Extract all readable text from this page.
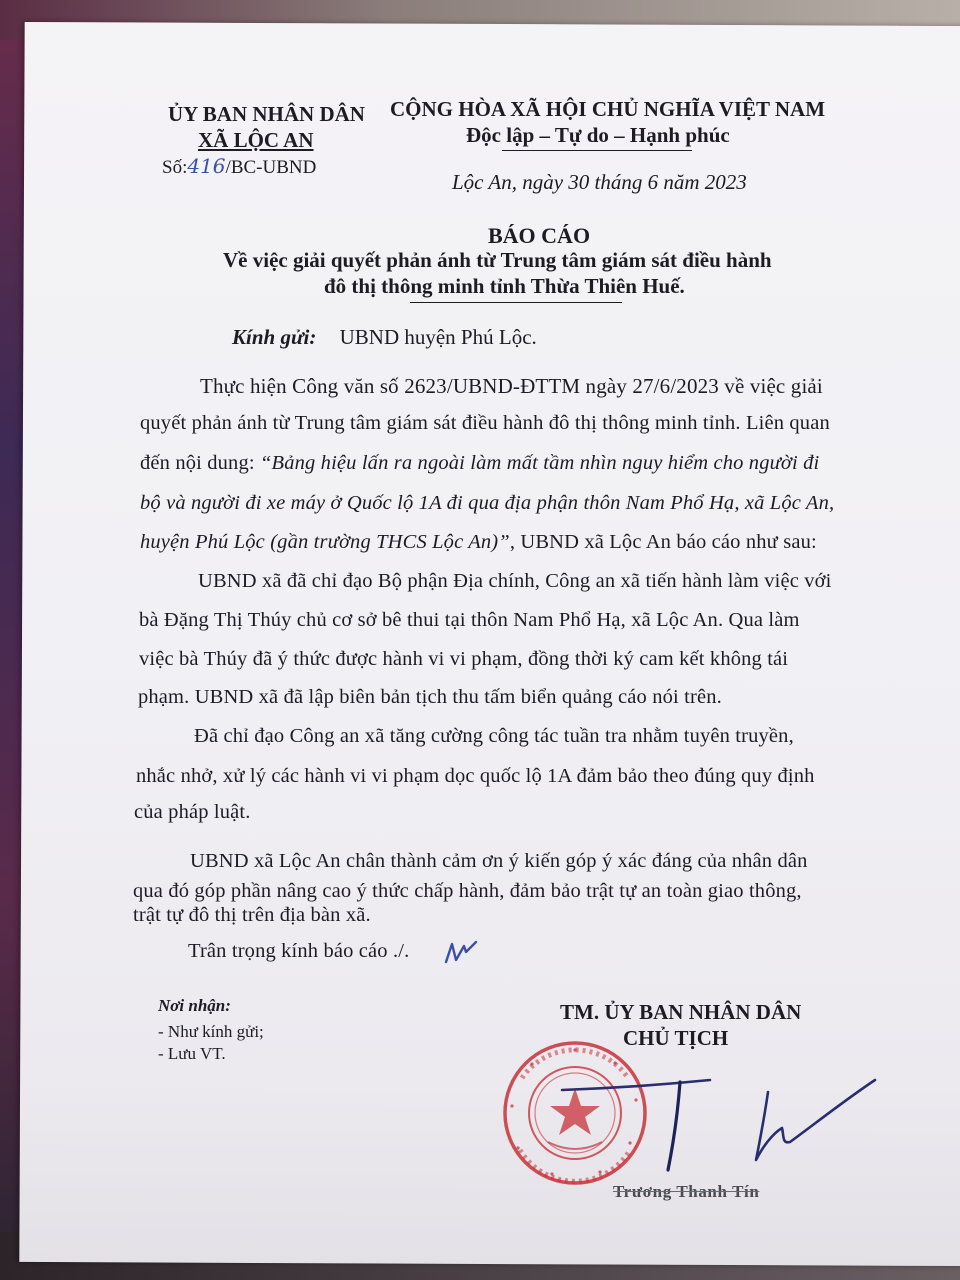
ỦY BAN NHÂN DÂN
XÃ LỘC AN
Số:416/BC-UBND
CỘNG HÒA XÃ HỘI CHỦ NGHĨA VIỆT NAM
Độc lập – Tự do – Hạnh phúc
Lộc An, ngày 30 tháng 6 năm 2023
BÁO CÁO
Về việc giải quyết phản ánh từ Trung tâm giám sát điều hành
đô thị thông minh tỉnh Thừa Thiên Huế.
Kính gửi: UBND huyện Phú Lộc.
Thực hiện Công văn số 2623/UBND-ĐTTM ngày 27/6/2023 về việc giải
quyết phản ánh từ Trung tâm giám sát điều hành đô thị thông minh tỉnh. Liên quan
đến nội dung: “Bảng hiệu lấn ra ngoài làm mất tầm nhìn nguy hiểm cho người đi
bộ và người đi xe máy ở Quốc lộ 1A đi qua địa phận thôn Nam Phổ Hạ, xã Lộc An,
huyện Phú Lộc (gần trường THCS Lộc An)”, UBND xã Lộc An báo cáo như sau:
UBND xã đã chỉ đạo Bộ phận Địa chính, Công an xã tiến hành làm việc với
bà Đặng Thị Thúy chủ cơ sở bê thui tại thôn Nam Phổ Hạ, xã Lộc An. Qua làm
việc bà Thúy đã ý thức được hành vi vi phạm, đồng thời ký cam kết không tái
phạm. UBND xã đã lập biên bản tịch thu tấm biển quảng cáo nói trên.
Đã chỉ đạo Công an xã tăng cường công tác tuần tra nhằm tuyên truyền,
nhắc nhở, xử lý các hành vi vi phạm dọc quốc lộ 1A đảm bảo theo đúng quy định
của pháp luật.
UBND xã Lộc An chân thành cảm ơn ý kiến góp ý xác đáng của nhân dân
qua đó góp phần nâng cao ý thức chấp hành, đảm bảo trật tự an toàn giao thông,
trật tự đô thị trên địa bàn xã.
Trân trọng kính báo cáo ./.
Nơi nhận:
- Như kính gửi;
- Lưu VT.
TM. ỦY BAN NHÂN DÂN
CHỦ TỊCH
Trương Thanh Tín
